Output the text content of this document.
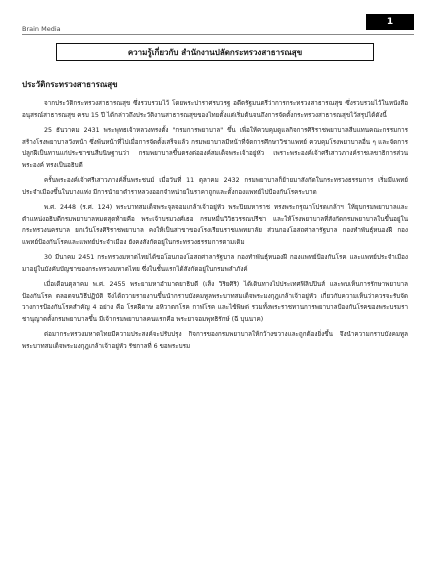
1
Brain Media
ความรู้เกี่ยวกับ สำนักงานปลัดกระทรวงสาธารณสุข
ประวัติกระทรวงสาธารณสุข

จากประวัติกระทรวงสาธารณสุข ซึ่งรวบรวมไว้ โดยพระปาราศรบวรฐ อดีตรัฐมนตรีว่าการกระทรวงสาธารณสุข ซึ่งรวบรวมไว้ในหนังสืออนุสรณ์สาธารณสุข ครบ 15 ปี ได้กล่าวถึงประวัติงานสาธารณสุขของไทยตั้งแต่เริ่มต้นจนถึงการจัดตั้งกระทรวงสาธารณสุขไว้สรุปได้ดังนี้

25 ธันวาคม 2431 พระพุทธเจ้าหลวงทรงตั้ง "กรมการพยาบาล" ขึ้น เพื่อให้ควบคุมดูแลกิจการศิริราชพยาบาลสืบแทนคณะกรรมการสร้างโรงพยาบาลวังหน้า ซึ่งพ้นหน้าที่ไปเมื่อการจัดตั้งเสร็จแล้ว กรมพยาบาลมีหน้าที่จัดการศึกษาวิชาแพทย์ ควบคุมโรงพยาบาลอื่น ๆ และจัดการปลูกฝีเป็นทานแก่ประชาชนสืบนิษฐานว่า กรมพยาบาลขึ้นตรงต่อองค์สมเด็จพระเจ้าอยู่หัว เพราะพระองค์เจ้าศรีเสาวภางค์ราชเลขาธิการส่วนพระองค์ ทรงเป็นอธิบดี

ครั้นพระองค์เจ้าศรีเสาวภางค์สิ้นพระชนม์ เมื่อวันที่ 11 ตุลาคม 2432 กรมพยาบาลก็ย้ายมาสังกัดในกระทรวงธรรมการ เริ่มมีแพทย์ประจำเมืองขึ้นในบางแห่ง มีการนำยาตำราหลวงออกจำหน่ายในราคาถูกและตั้งกองแพทย์ไปป้องกันโรคระบาด

พ.ศ. 2448 (ร.ศ. 124) พระบาทสมเด็จพระจุลจอมเกล้าเจ้าอยู่หัว พระปิยมหาราช ทรงพระกรุณาโปรดเกล้าฯ ให้ยุบกรมพยาบาลและตำแหน่งอธิบดีกรมพยาบาลหมดสุดท้ายคือ พระเจ้าบรมวงศ์เธอ กรมหมื่นวิวิธวรรณปรีชา และให้โรงพยาบาลที่สังกัดกรมพยาบาลในขึ้นอยู่ในกระทรวงนครบาล ยกเว้นโรงศิริราชพยาบาล คงให้เป็นสาขาของโรงเรียนราชแพทยาลัย ส่วนกองโอสถศาลารัฐบาล กองทำพันธุ์หนองฝี กองแพทย์ป้องกันโรคและแพทย์ประจำเมือง ยังคงสังกัดอยู่ในกระทรวงธรรมการตามเดิม

30 มีนาคม 2451 กระทรวงมหาดไทยได้ขอโอนกองโอสถศาลารัฐบาล กองทำพันธุ์หนองฝี กองแพทย์ป้องกันโรค และแพทย์ประจำเมืองมาอยู่ในบังคับบัญชาของกระทรวงมหาดไทย ซึ่งในชั้นแรกได้สังกัดอยู่ในกรมพลำภังค์

เมื่อเดือนตุลาคม พ.ศ. 2455 พระยามหาอำมาตยาธิบดี (เส็ง วิริยศิริ) ได้เดินทางไปประเทศฟิลิปปินส์ และพบเห็นการรักษาพยาบาลป้องกันโรค ตลอดจนวิธีปฏิบัติ จึงได้ถวายรายงานขึ้นนำกราบบังคมทูลพระบาทสมเด็จพระมงกุฎเกล้าเจ้าอยู่หัว เกี่ยวกับความเห็นว่าควรจะรับจัดวางการป้องกันโรคสำคัญ 4 อย่าง คือ โรคฝีดาษ อหิวาตกโรค กาฬโรค และไข้พิษต่ รวมทั้งพระราชทานการพยาบาลป้องกันโรคของพระบรมราชานุญาตตั้งกรมพยาบาลขึ้น มีเจ้ากรมพยาบาลคนแรกคือ พระยาจอมพุทธิรักษ์ (ฉี บุนนาค)

ต่อมากระทรวงมหาดไทยมีความประสงค์จะปรับปรุง กิจการของกรมพยาบาลให้กว้างขวางและถูกต้องยิ่งขึ้น จึงนำความกราบบังคมทูลพระบาทสมเด็จพระมงกุฎเกล้าเจ้าอยู่หัว รัชกาลที่ 6 ขอพระบรม
